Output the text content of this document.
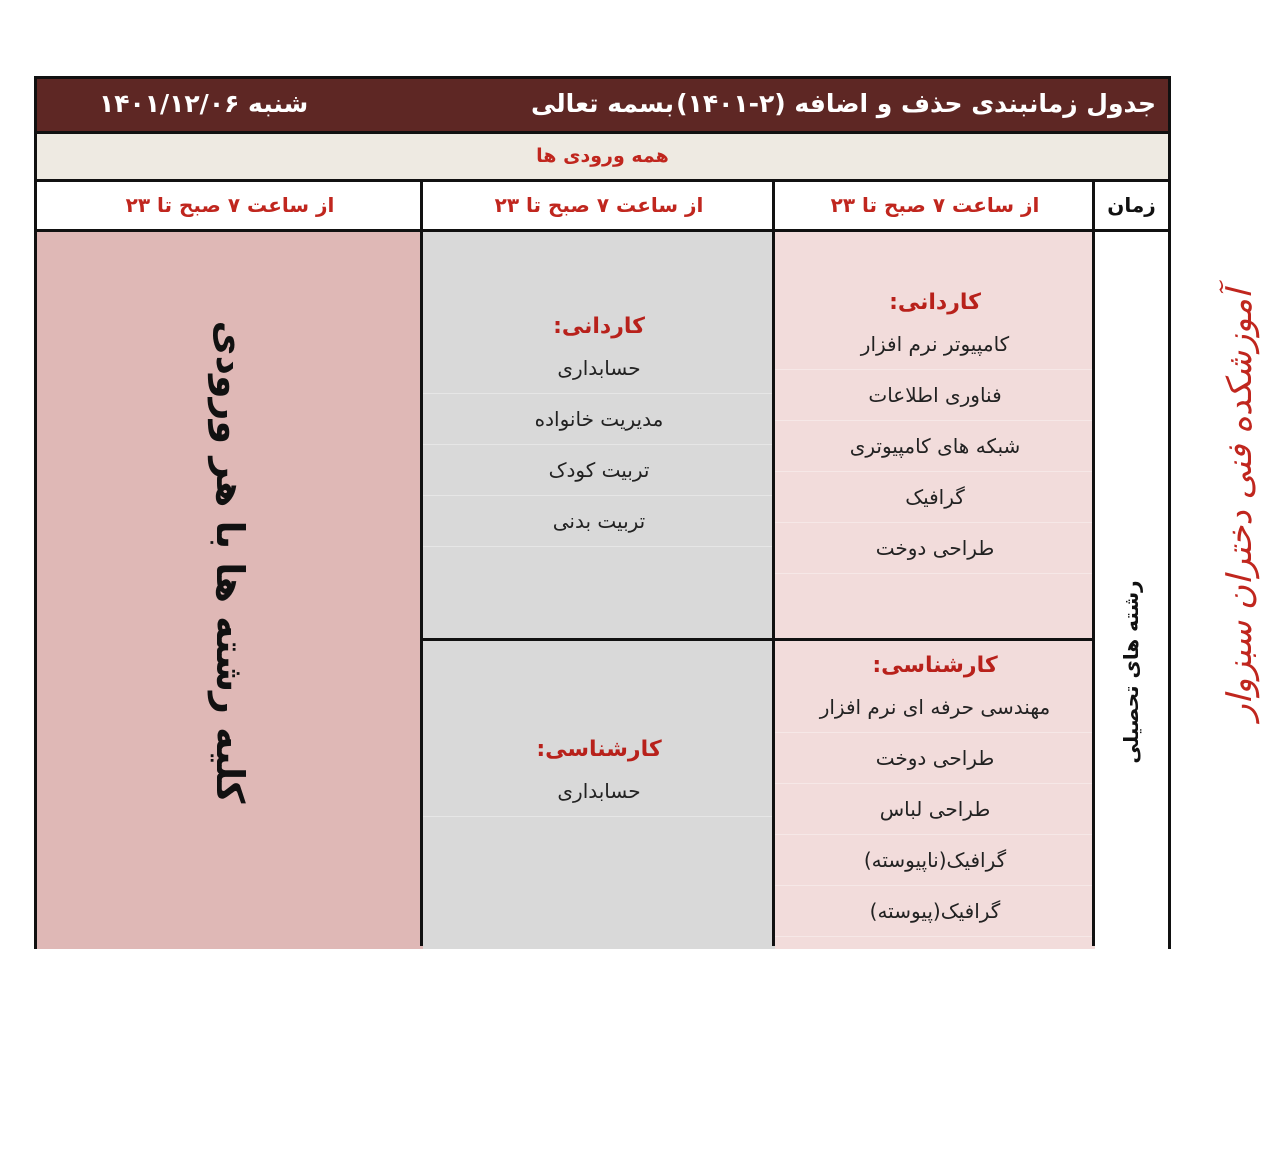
جدول زمانبندی حذف و اضافه (۲-۱۴۰۱)
بسمه تعالی
شنبه ۱۴۰۱/۱۲/۰۶
همه ورودی ها
زمان
از ساعت ۷ صبح تا ۲۳
از ساعت ۷ صبح تا ۲۳
از ساعت ۷ صبح تا ۲۳
کاردانی:
کامپیوتر نرم افزار
فناوری اطلاعات
شبکه های کامپیوتری
گرافیک
طراحی دوخت
کارشناسی:
مهندسی حرفه ای نرم افزار
طراحی دوخت
طراحی لباس
گرافیک(ناپیوسته)
گرافیک(پیوسته)
کاردانی:
حسابداری
مدیریت خانواده
تربیت کودک
تربیت بدنی
کارشناسی:
حسابداری
کلیه رشته ها با هر ورودی	رشته های تحصیلی آموزشکده فنی دختران سبزوار
